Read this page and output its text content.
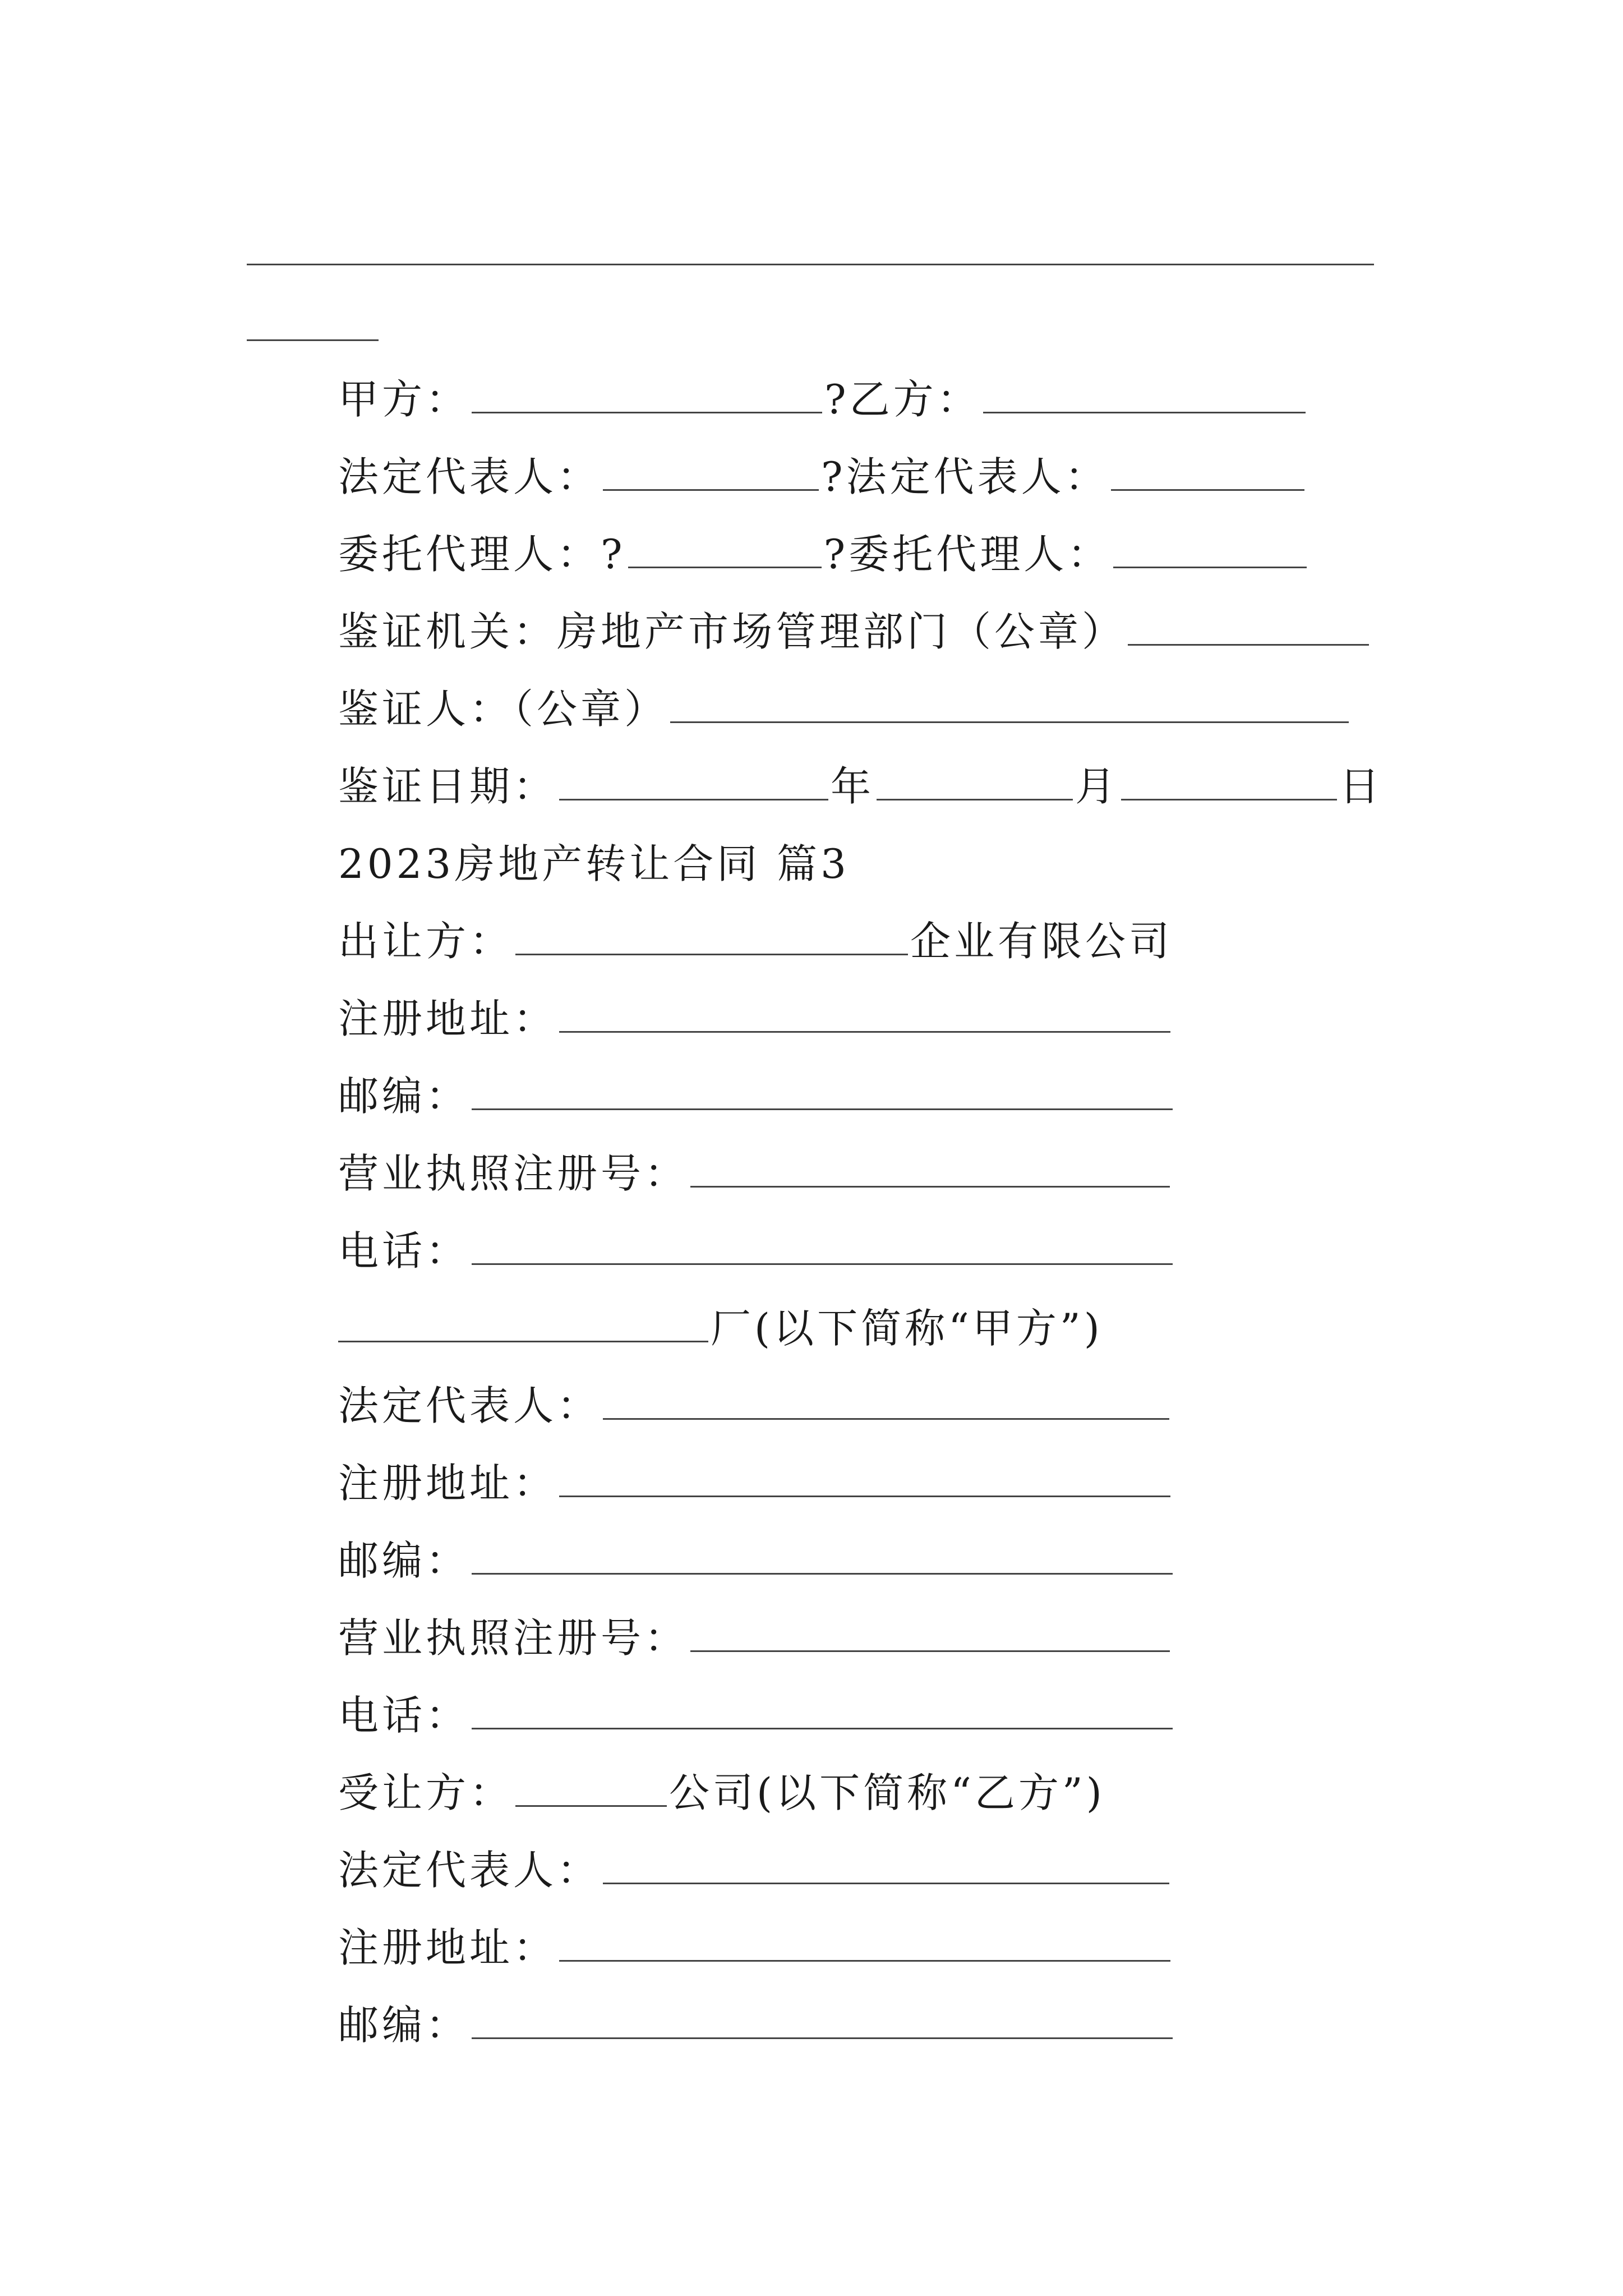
甲方：	?乙方：
法定代表人：	?法定代表人：
委托代理人：?	?委托代理人：
鉴证机关：房地产市场管理部门（公章）
鉴证人：（公章）
鉴证日期：	年	月	日
2023房地产转让合同 篇3
出让方：	企业有限公司
注册地址：
邮编：
营业执照注册号：
电话：
厂(以下简称“甲方”)
法定代表人：
注册地址：
邮编：
营业执照注册号：
电话：
受让方：	公司(以下简称“乙方”)
法定代表人：
注册地址：
邮编：
